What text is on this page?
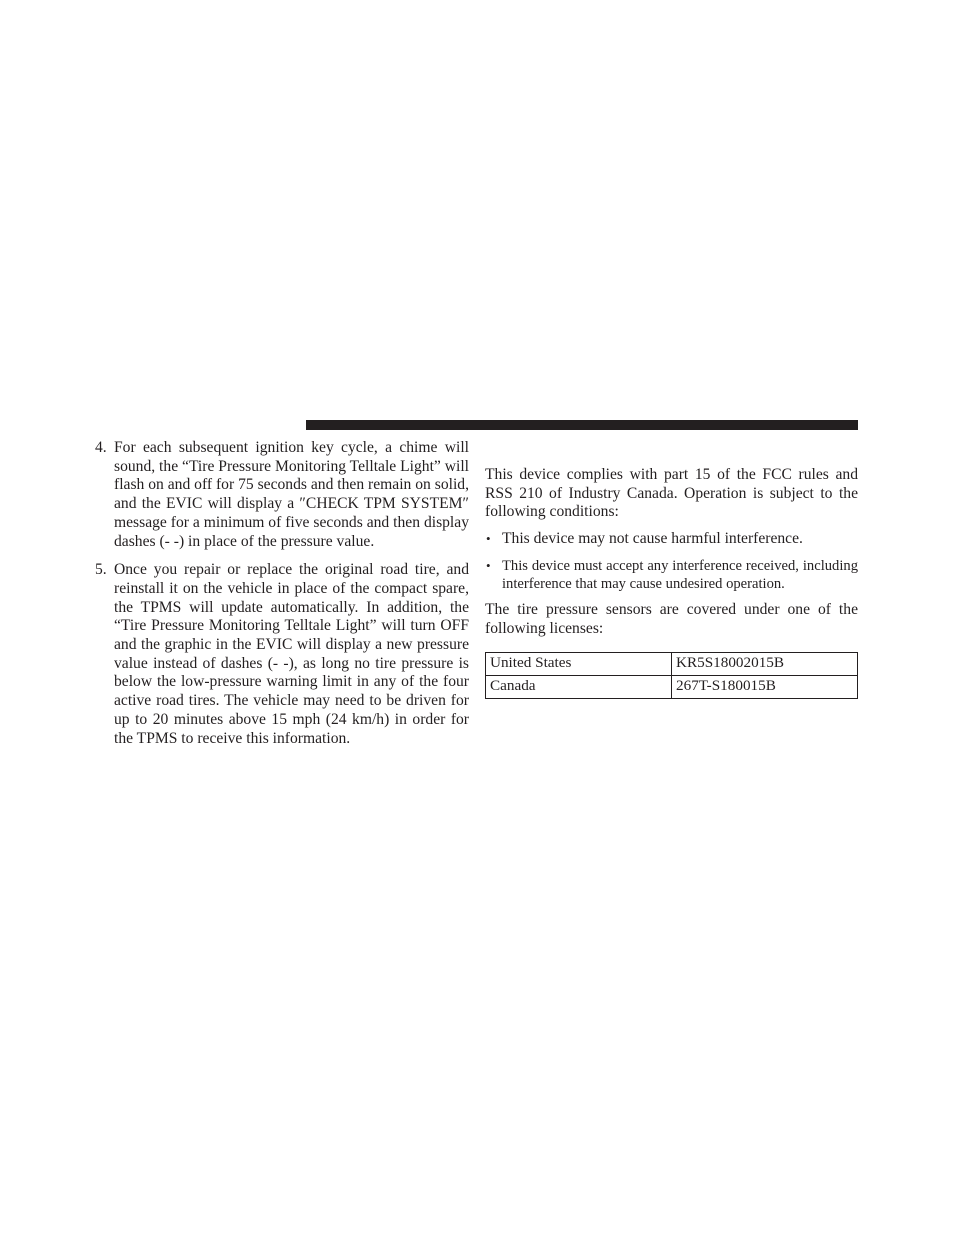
4. For each subsequent ignition key cycle, a chime will sound, the “Tire Pressure Monitoring Telltale Light” will flash on and off for 75 seconds and then remain on solid, and the EVIC will display a ″CHECK TPM SYSTEM″ message for a minimum of five seconds and then display dashes (- -) in place of the pressure value.
5. Once you repair or replace the original road tire, and reinstall it on the vehicle in place of the compact spare, the TPMS will update automatically. In addition, the “Tire Pressure Monitoring Telltale Light” will turn OFF and the graphic in the EVIC will display a new pressure value instead of dashes (- -), as long no tire pressure is below the low-pressure warning limit in any of the four active road tires. The vehicle may need to be driven for up to 20 minutes above 15 mph (24 km/h) in order for the TPMS to receive this information.

This device complies with part 15 of the FCC rules and RSS 210 of Industry Canada. Operation is subject to the following conditions:

• This device may not cause harmful interference.
• This device must accept any interference received, including interference that may cause undesired operation.

The tire pressure sensors are covered under one of the following licenses:

United States	KR5S18002015B
Canada	267T-S180015B
